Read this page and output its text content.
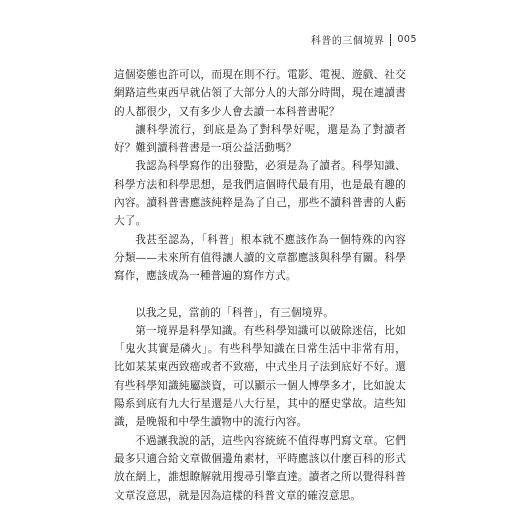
科普的三個境界 005

這個姿態也許可以，而現在則不行。電影、電視、遊戲、社交網路這些東西早就佔領了大部分人的大部分時間，現在連讀書的人都很少，又有多少人會去讀一本科普書呢？

讓科學流行，到底是為了對科學好呢，還是為了對讀者好？難到讀科普書是一項公益活動嗎？

我認為科學寫作的出發點，必須是為了讀者。科學知識、科學方法和科學思想，是我們這個時代最有用，也是最有趣的內容。讀科普書應該純粹是為了自己，那些不讀科普書的人虧大了。

我甚至認為，「科普」根本就不應該作為一個特殊的內容分類——未來所有值得讓人讀的文章都應該與科學有關。科學寫作，應該成為一種普遍的寫作方式。

以我之見，當前的「科普」，有三個境界。

第一境界是科學知識。有些科學知識可以破除迷信，比如「鬼火其實是磷火」。有些科學知識在日常生活中非常有用，比如某某東西致癌或者不致癌，中式坐月子法到底好不好。還有些科學知識純屬談資，可以顯示一個人博學多才，比如說太陽系到底有九大行星還是八大行星，其中的歷史掌故。這些知識，是晚報和中學生讀物中的流行內容。

不過讓我說的話，這些內容統統不值得專門寫文章。它們最多只適合給文章做個邊角素材，平時應該以什麼百科的形式放在網上，誰想瞭解就用搜尋引擎直達。讀者之所以覺得科普文章沒意思，就是因為這樣的科普文章的確沒意思。
